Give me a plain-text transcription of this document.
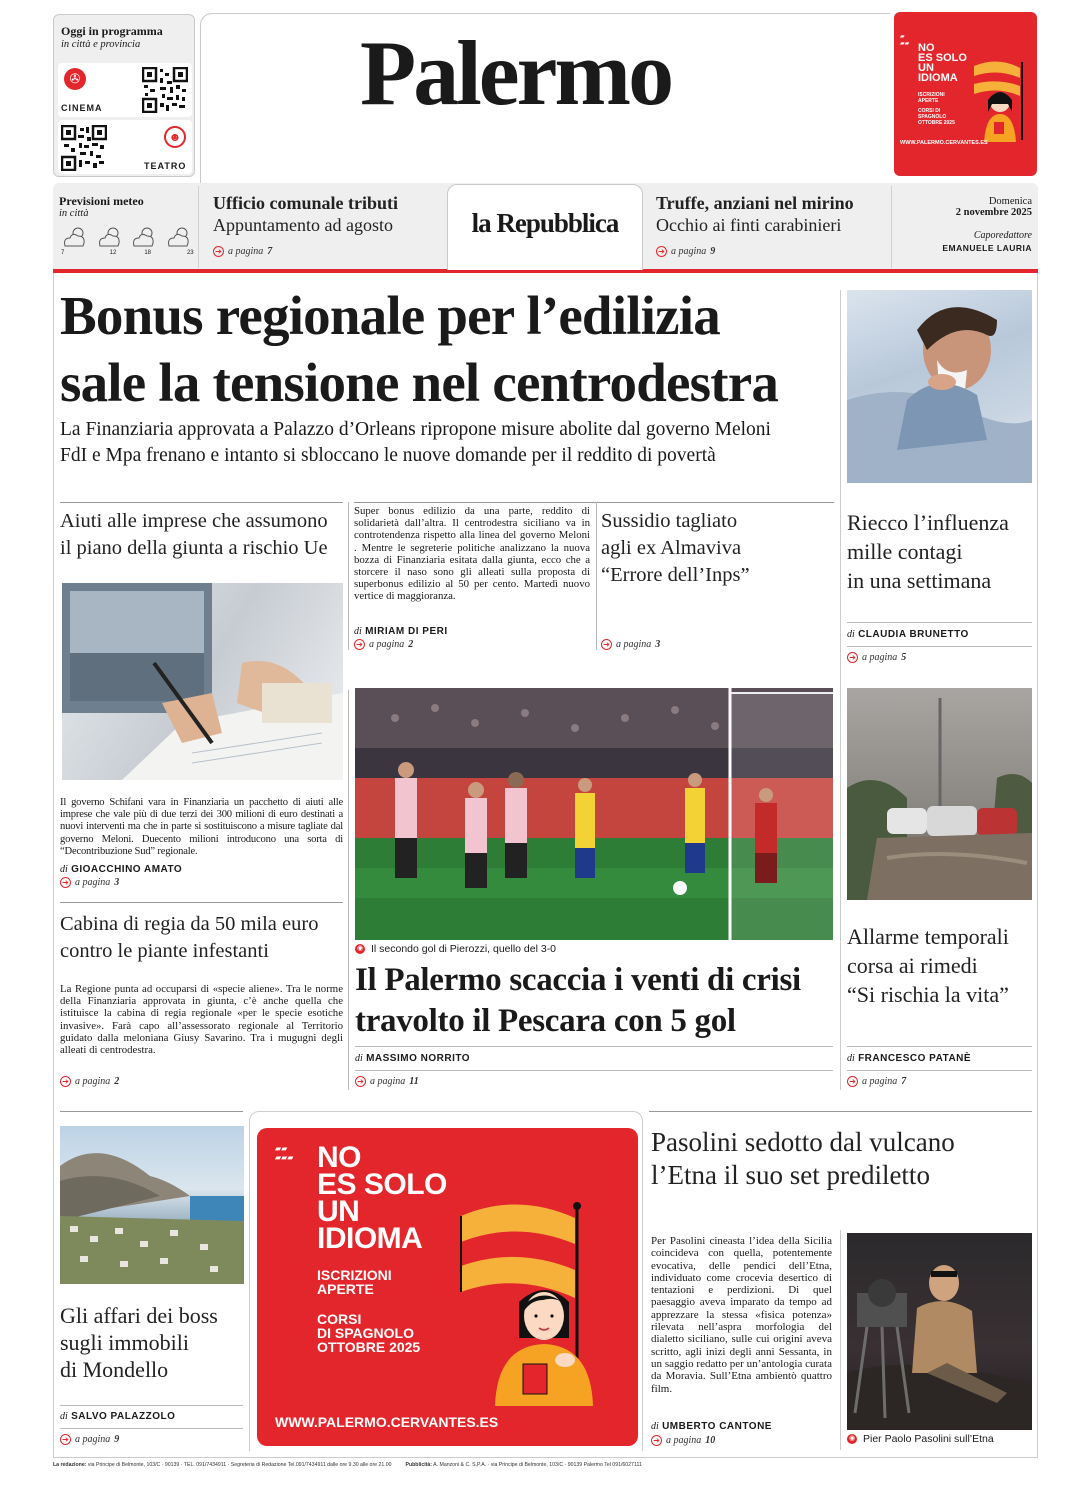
Oggi in programma
in città e provincia
✇
CINEMA
☻
TEATRO
Palermo	▰
▰▰ NO
ES SOLO
UN
IDIOMA
ISCRIZIONI APERTE
CORSI DI SPAGNOLO OTTOBRE 2025
WWW.PALERMO.CERVANTES.ES
Previsioni meteo
in città
7	12	18	23
Ufficio comunale tributi
Appuntamento ad agosto
➔ a pagina 7
la Repubblica
Truffe, anziani nel mirino
Occhio ai finti carabinieri
➔ a pagina 9
Domenica
2 novembre 2025
Caporedattore
EMANUELE LAURIA
Bonus regionale per l’edilizia
sale la tensione nel centrodestra
La Finanziaria approvata a Palazzo d’Orleans ripropone misure abolite dal governo Meloni
FdI e Mpa frenano e intanto si sbloccano le nuove domande per il reddito di povertà
Aiuti alle imprese che assumono
il piano della giunta a rischio Ue
Il governo Schifani vara in Finanziaria un pacchetto di aiuti alle imprese che vale più di due terzi dei 300 milioni di euro destinati a nuovi interventi ma che in parte si sostituiscono a misure tagliate dal governo Meloni. Duecento milioni introducono una sorta di “Decontribuzione Sud” regionale.
di GIOACCHINO AMATO
➔ a pagina 3
Super bonus edilizio da una parte, reddito di solidarietà dall’altra. Il centrodestra siciliano va in controtendenza rispetto alla linea del governo Meloni . Mentre le segreterie politiche analizzano la nuova bozza di Finanziaria esitata dalla giunta, ecco che a storcere il naso sono gli alleati sulla proposta di superbonus edilizio al 50 per cento. Martedì nuovo vertice di maggioranza.
di MIRIAM DI PERI
➔ a pagina 2
Sussidio tagliato
agli ex Almaviva
“Errore dell’Inps”
➔ a pagina 3
Riecco l’influenza
mille contagi
in una settimana
di CLAUDIA BRUNETTO
➔ a pagina 5
◉ Il secondo gol di Pierozzi, quello del 3-0
Il Palermo scaccia i venti di crisi
travolto il Pescara con 5 gol
di MASSIMO NORRITO
➔ a pagina 11
Cabina di regia da 50 mila euro
contro le piante infestanti
La Regione punta ad occuparsi di «specie aliene». Tra le norme della Finanziaria approvata in giunta, c’è anche quella che istituisce la cabina di regia regionale «per le specie esotiche invasive». Farà capo all’assessorato regionale al Territorio guidato dalla meloniana Giusy Savarino. Tra i mugugni degli alleati di centrodestra.
➔ a pagina 2
Allarme temporali
corsa ai rimedi
“Si rischia la vita”
di FRANCESCO PATANÈ
➔ a pagina 7
Gli affari dei boss
sugli immobili
di Mondello
di SALVO PALAZZOLO
➔ a pagina 9
▰▰
▰▰▰ NO
ES SOLO
UN
IDIOMA
ISCRIZIONI
APERTE
CORSI
DI SPAGNOLO
OTTOBRE 2025
WWW.PALERMO.CERVANTES.ES
Pasolini sedotto dal vulcano
l’Etna il suo set prediletto
Per Pasolini cineasta l’idea della Sicilia coincideva con quella, potentemente evocativa, delle pendici dell’Etna, individuato come crocevia desertico di tentazioni e perdizioni. Di quel paesaggio aveva imparato da tempo ad apprezzare la stessa «fisica potenza» rilevata nell’aspra morfologia del dialetto siciliano, sulle cui origini aveva scritto, agli inizi degli anni Sessanta, in un saggio redatto per un’antologia curata da Moravia. Sull’Etna ambientò quattro film.
di UMBERTO CANTONE
➔ a pagina 10	◉ Pier Paolo Pasolini sull’Etna
La redazione: via Principe di Belmonte, 103/C · 90139 · TEL. 091/7434911 · Segreteria di Redazione Tel.091/7434911 dalle ore 9.30 alle ore 21.00	Pubblicità: A. Manzoni & C. S.P.A. · via Principe di Belmonte, 103/C · 90139 Palermo Tel 091/6027111
